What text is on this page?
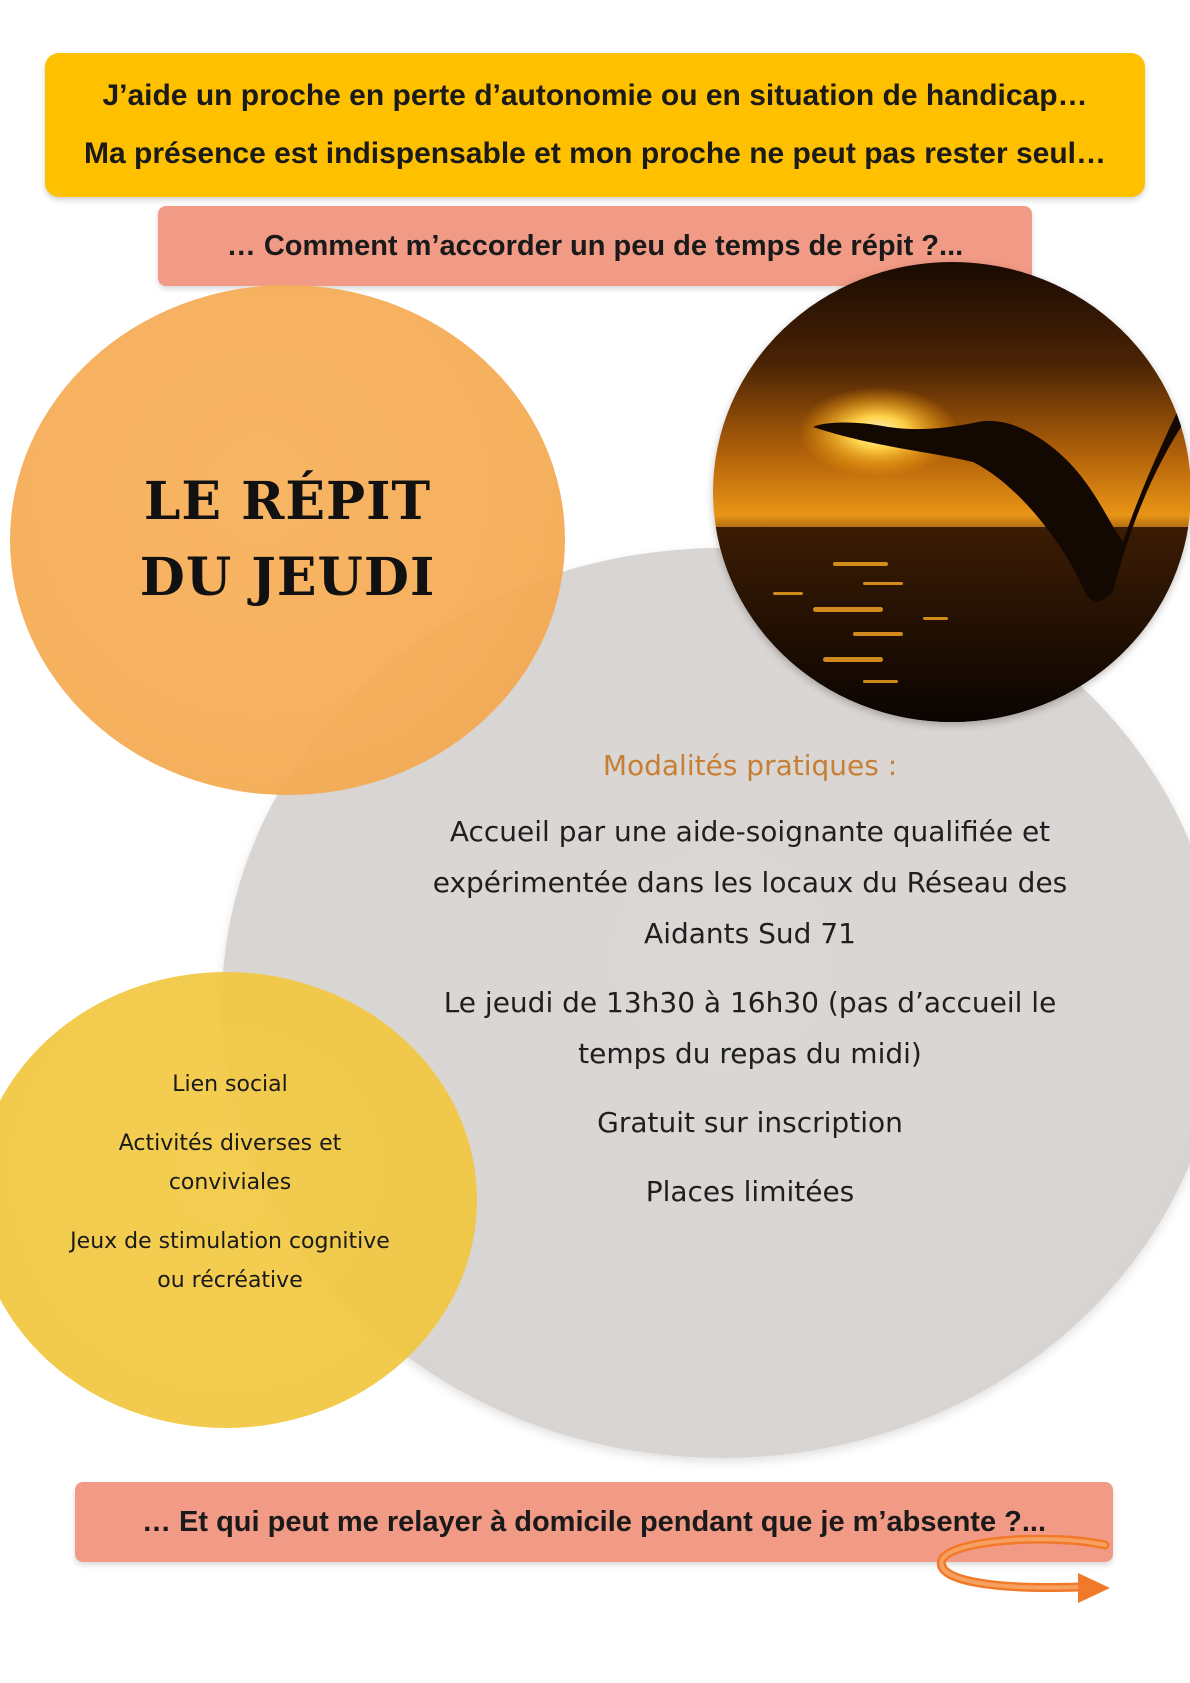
J’aide un proche en perte d’autonomie ou en situation de handicap…
Ma présence est indispensable et mon proche ne peut pas rester seul…
… Comment m’accorder un peu de temps de répit ?...
LE RÉPIT
DU JEUDI
Modalités pratiques :
Accueil par une aide-soignante qualifiée et expérimentée dans les locaux du Réseau des Aidants Sud 71
Le jeudi de 13h30 à 16h30 (pas d’accueil le temps du repas du midi)
Gratuit sur inscription
Places limitées
Lien social
Activités diverses et conviviales
Jeux de stimulation cognitive ou récréative
… Et qui peut me relayer à domicile pendant que je m’absente ?...
